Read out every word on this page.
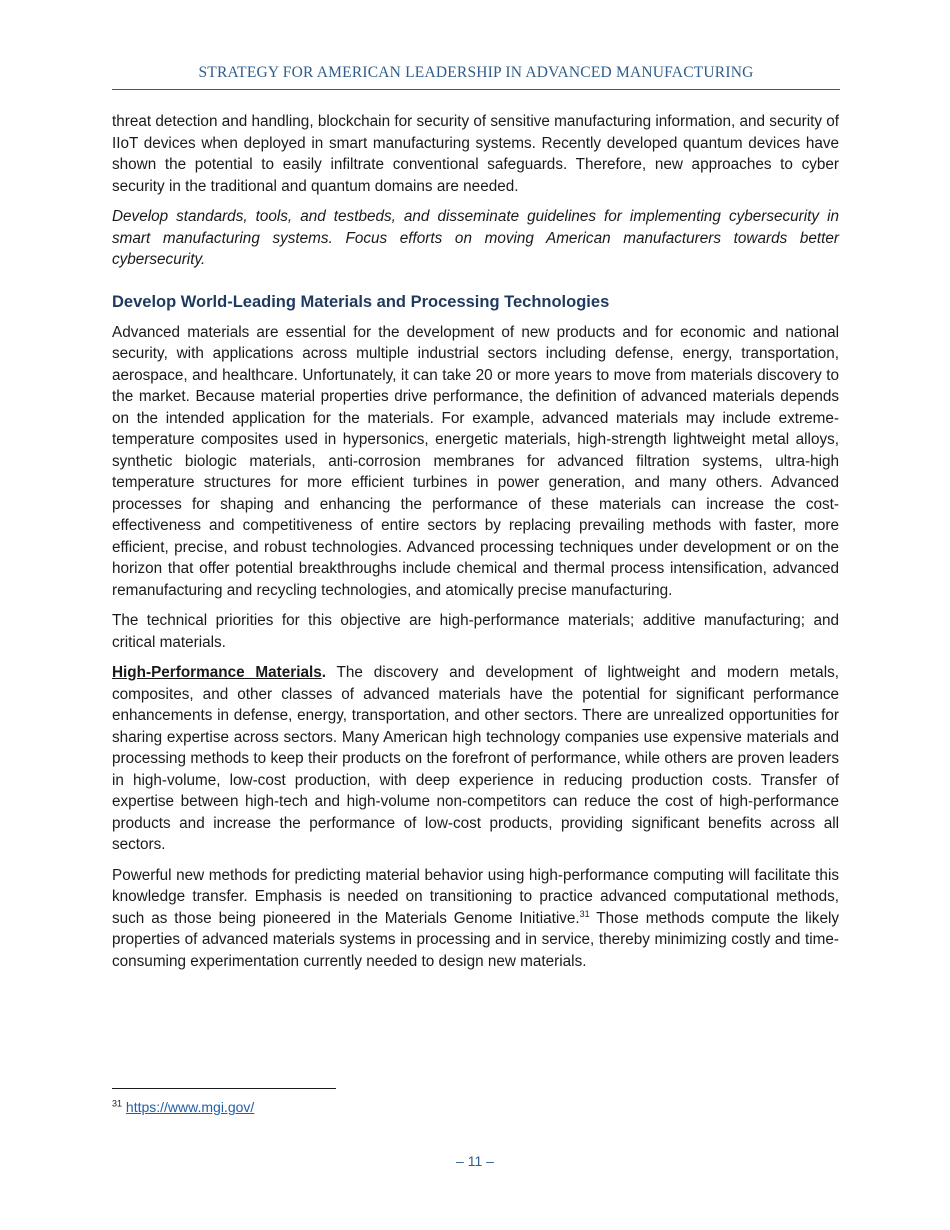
STRATEGY FOR AMERICAN LEADERSHIP IN ADVANCED MANUFACTURING

threat detection and handling, blockchain for security of sensitive manufacturing information, and security of IIoT devices when deployed in smart manufacturing systems. Recently developed quantum devices have shown the potential to easily infiltrate conventional safeguards. Therefore, new approaches to cyber security in the traditional and quantum domains are needed.

Develop standards, tools, and testbeds, and disseminate guidelines for implementing cybersecurity in smart manufacturing systems. Focus efforts on moving American manufacturers towards better cybersecurity.

Develop World-Leading Materials and Processing Technologies

Advanced materials are essential for the development of new products and for economic and national security, with applications across multiple industrial sectors including defense, energy, transportation, aerospace, and healthcare. Unfortunately, it can take 20 or more years to move from materials discovery to the market. Because material properties drive performance, the definition of advanced materials depends on the intended application for the materials. For example, advanced materials may include extreme-temperature composites used in hypersonics, energetic materials, high-strength lightweight metal alloys, synthetic biologic materials, anti-corrosion membranes for advanced filtration systems, ultra-high temperature structures for more efficient turbines in power generation, and many others. Advanced processes for shaping and enhancing the performance of these materials can increase the cost-effectiveness and competitiveness of entire sectors by replacing prevailing methods with faster, more efficient, precise, and robust technologies. Advanced processing techniques under development or on the horizon that offer potential breakthroughs include chemical and thermal process intensification, advanced remanufacturing and recycling technologies, and atomically precise manufacturing.

The technical priorities for this objective are high-performance materials; additive manufacturing; and critical materials.

High-Performance Materials. The discovery and development of lightweight and modern metals, composites, and other classes of advanced materials have the potential for significant performance enhancements in defense, energy, transportation, and other sectors. There are unrealized opportunities for sharing expertise across sectors. Many American high technology companies use expensive materials and processing methods to keep their products on the forefront of performance, while others are proven leaders in high-volume, low-cost production, with deep experience in reducing production costs. Transfer of expertise between high-tech and high-volume non-competitors can reduce the cost of high-performance products and increase the performance of low-cost products, providing significant benefits across all sectors.

Powerful new methods for predicting material behavior using high-performance computing will facilitate this knowledge transfer. Emphasis is needed on transitioning to practice advanced computational methods, such as those being pioneered in the Materials Genome Initiative.$^{31}$ Those methods compute the likely properties of advanced materials systems in processing and in service, thereby minimizing costly and time-consuming experimentation currently needed to design new materials.

$^{31}$ https://www.mgi.gov/
– 11 –
